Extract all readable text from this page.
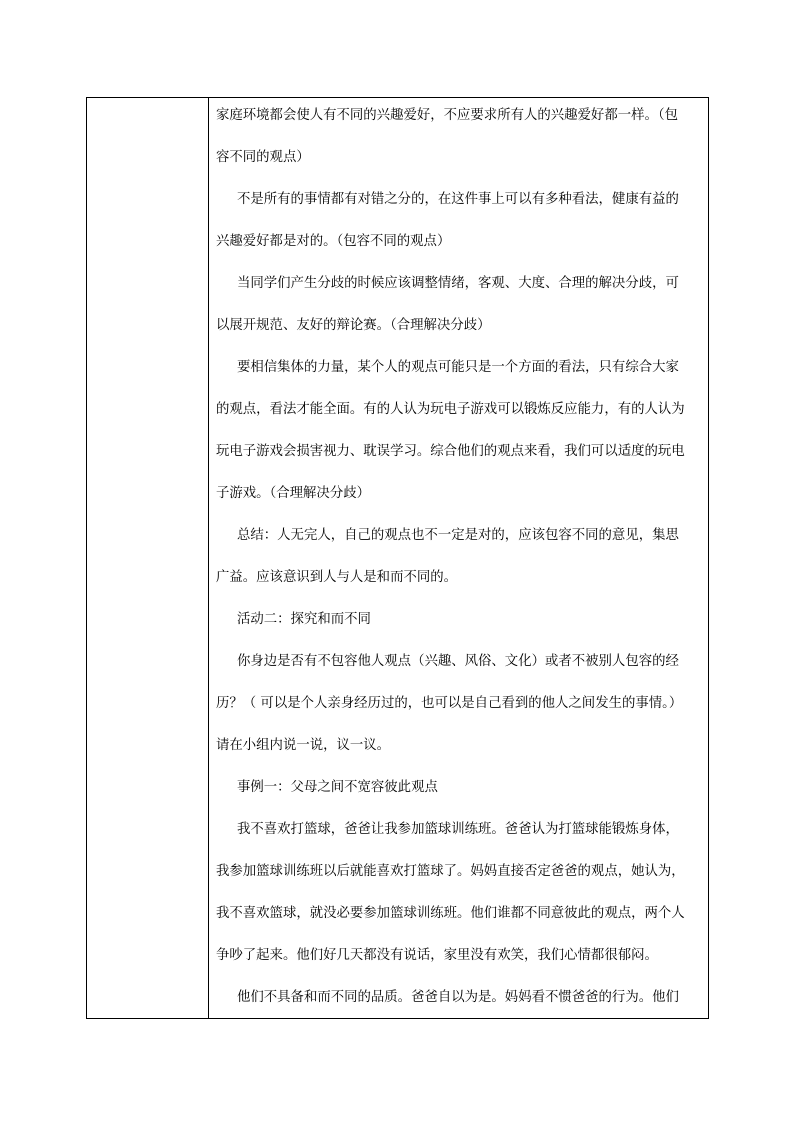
家庭环境都会使人有不同的兴趣爱好，不应要求所有人的兴趣爱好都一样。（包
容不同的观点）
不是所有的事情都有对错之分的，在这件事上可以有多种看法，健康有益的
兴趣爱好都是对的。（包容不同的观点）
当同学们产生分歧的时候应该调整情绪，客观、大度、合理的解决分歧，可
以展开规范、友好的辩论赛。（合理解决分歧）
要相信集体的力量，某个人的观点可能只是一个方面的看法，只有综合大家
的观点，看法才能全面。有的人认为玩电子游戏可以锻炼反应能力，有的人认为
玩电子游戏会损害视力、耽误学习。综合他们的观点来看，我们可以适度的玩电
子游戏。（合理解决分歧）
总结：人无完人，自己的观点也不一定是对的，应该包容不同的意见，集思
广益。应该意识到人与人是和而不同的。
活动二：探究和而不同
你身边是否有不包容他人观点（兴趣、风俗、文化）或者不被别人包容的经
历？（ 可以是个人亲身经历过的，也可以是自己看到的他人之间发生的事情。）
请在小组内说一说，议一议。
事例一：父母之间不宽容彼此观点
我不喜欢打篮球，爸爸让我参加篮球训练班。爸爸认为打篮球能锻炼身体，
我参加篮球训练班以后就能喜欢打篮球了。妈妈直接否定爸爸的观点，她认为，
我不喜欢篮球，就没必要参加篮球训练班。他们谁都不同意彼此的观点，两个人
争吵了起来。他们好几天都没有说话，家里没有欢笑，我们心情都很郁闷。
他们不具备和而不同的品质。爸爸自以为是。妈妈看不惯爸爸的行为。他们
